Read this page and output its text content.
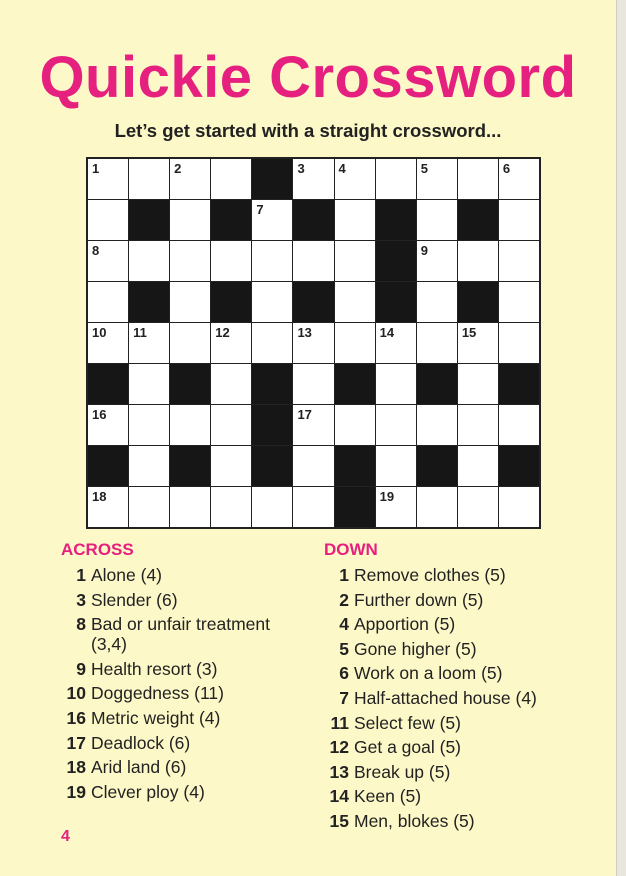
Quickie Crossword
Let’s get started with a straight crossword...
1	2	3	4	5	6
7
8	9
10 11	12	13	14	15
16	17
18	19
ACROSS
1 Alone (4)
3 Slender (6)
8 Bad or unfair treatment (3,4)
9 Health resort (3)
10 Doggedness (11)
16 Metric weight (4)
17 Deadlock (6)
18 Arid land (6)
19 Clever ploy (4)
DOWN
1 Remove clothes (5)
2 Further down (5)
4 Apportion (5)
5 Gone higher (5)
6 Work on a loom (5)
7 Half-attached house (4)
11 Select few (5)
12 Get a goal (5)
13 Break up (5)
14 Keen (5)
15 Men, blokes (5)
4
